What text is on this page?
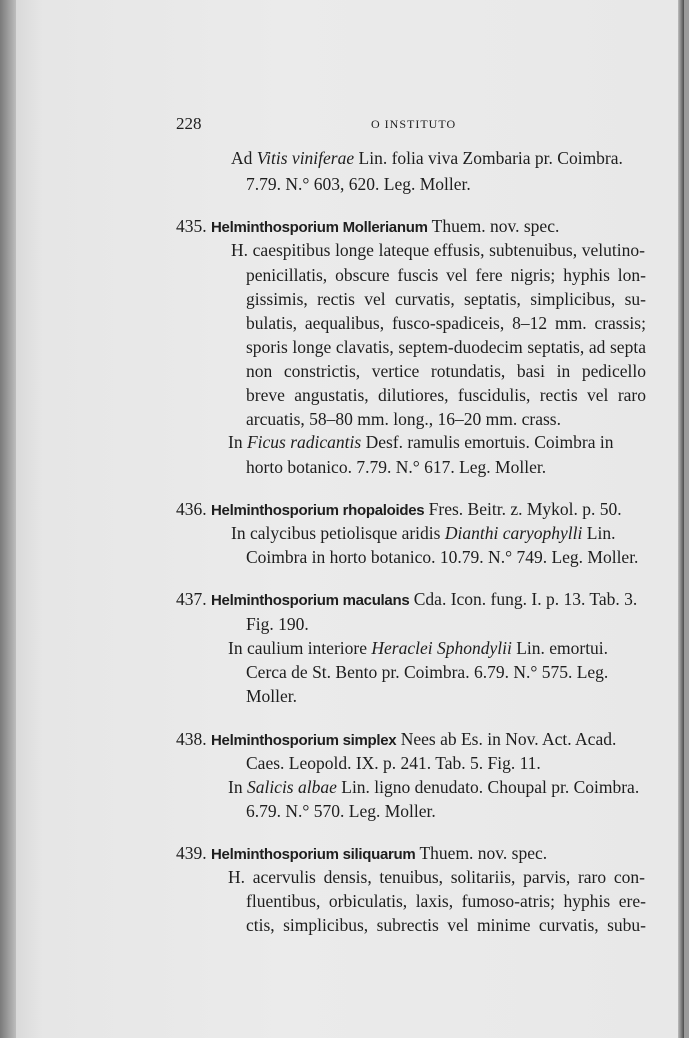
228	O INSTITUTO
Ad Vitis viniferae Lin. folia viva Zombaria pr. Coimbra.
7.79. N.° 603, 620. Leg. Moller.
435. Helminthosporium Mollerianum Thuem. nov. spec.
H. caespitibus longe lateque effusis, subtenuibus, velutino-
penicillatis, obscure fuscis vel fere nigris; hyphis lon-
gissimis, rectis vel curvatis, septatis, simplicibus, su-
bulatis, aequalibus, fusco-spadiceis, 8–12 mm. crassis;
sporis longe clavatis, septem-duodecim septatis, ad septa
non constrictis, vertice rotundatis, basi in pedicello
breve angustatis, dilutiores, fuscidulis, rectis vel raro
arcuatis, 58–80 mm. long., 16–20 mm. crass.
In Ficus radicantis Desf. ramulis emortuis. Coimbra in
horto botanico. 7.79. N.° 617. Leg. Moller.
436. Helminthosporium rhopaloides Fres. Beitr. z. Mykol. p. 50.
In calycibus petiolisque aridis Dianthi caryophylli Lin.
Coimbra in horto botanico. 10.79. N.° 749. Leg. Moller.
437. Helminthosporium maculans Cda. Icon. fung. I. p. 13. Tab. 3.
Fig. 190.
In caulium interiore Heraclei Sphondylii Lin. emortui.
Cerca de St. Bento pr. Coimbra. 6.79. N.° 575. Leg.
Moller.
438. Helminthosporium simplex Nees ab Es. in Nov. Act. Acad.
Caes. Leopold. IX. p. 241. Tab. 5. Fig. 11.
In Salicis albae Lin. ligno denudato. Choupal pr. Coimbra.
6.79. N.° 570. Leg. Moller.
439. Helminthosporium siliquarum Thuem. nov. spec.
H. acervulis densis, tenuibus, solitariis, parvis, raro con-
fluentibus, orbiculatis, laxis, fumoso-atris; hyphis ere-
ctis, simplicibus, subrectis vel minime curvatis, subu-
